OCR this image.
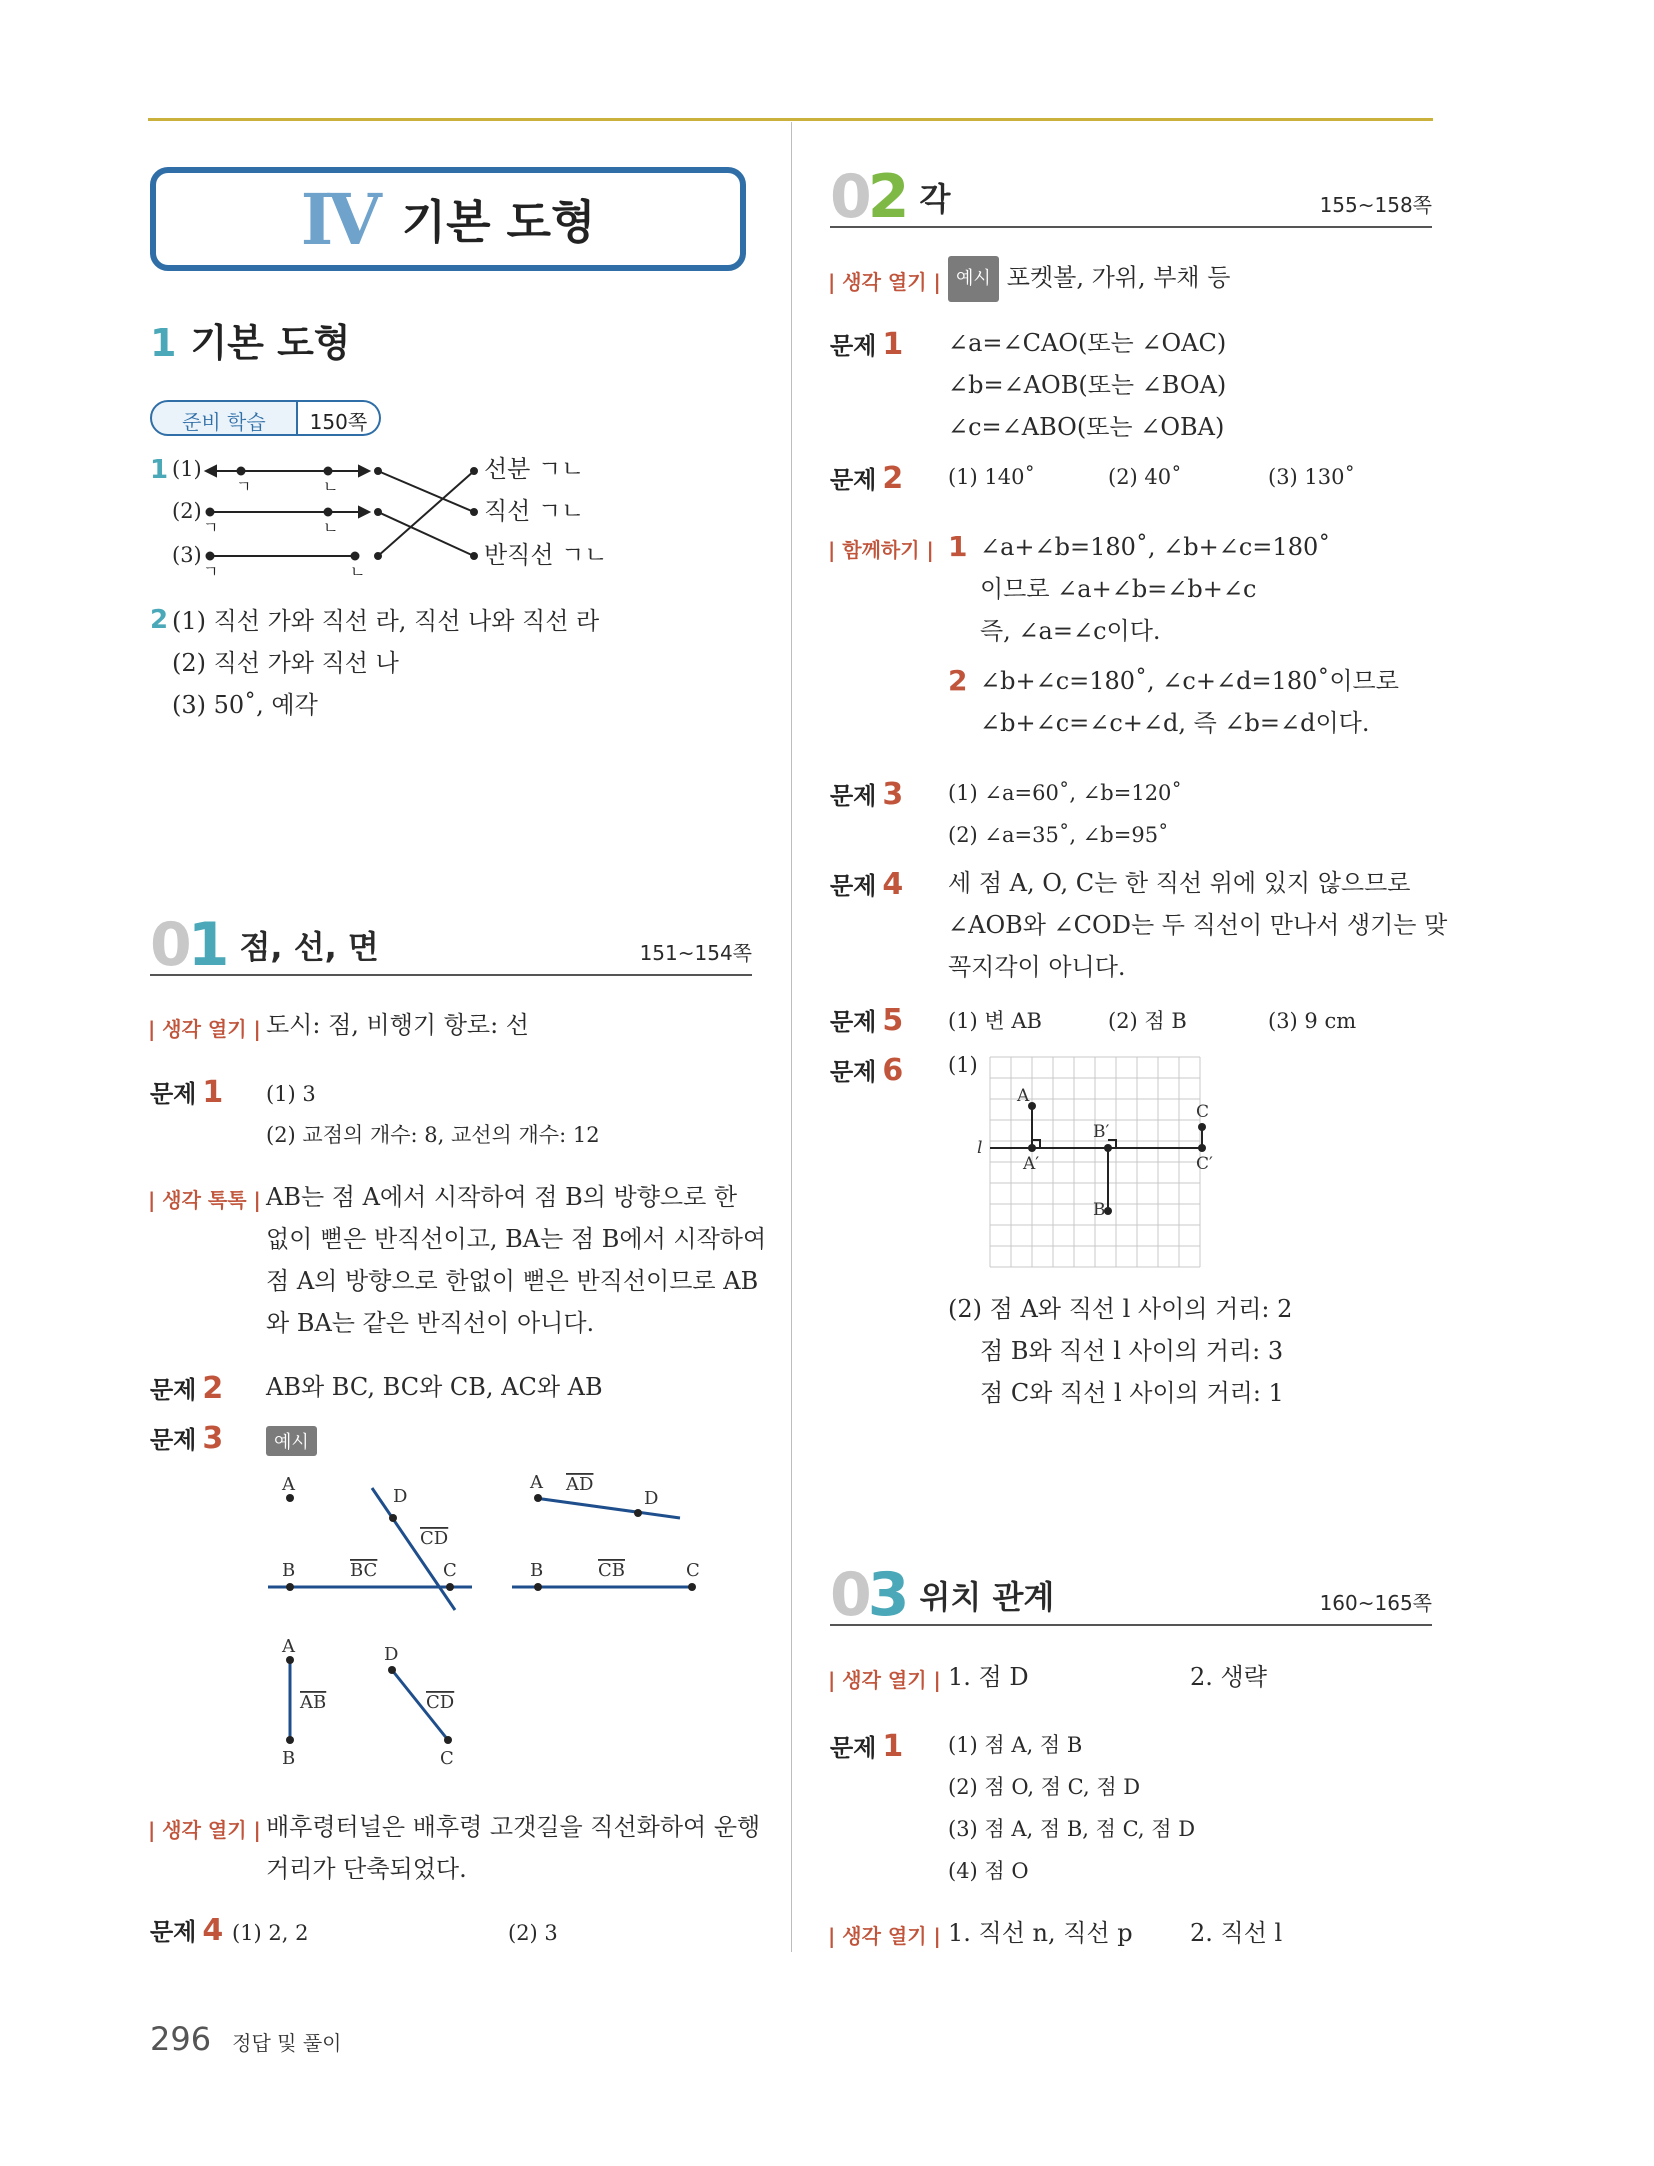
IV 기본 도형
1 기본 도형
준비 학습	150쪽
1 (1)
(2)
(3)
ㄱ	ㄴ
ㄱ	ㄴ
ㄱ	ㄴ
선분 ㄱㄴ
직선 ㄱㄴ
반직선 ㄱㄴ
2 (1) 직선 가와 직선 라, 직선 나와 직선 라
(2) 직선 가와 직선 나
(3) 50˚, 예각
01 점, 선, 면	151~154쪽
| 생각 열기 | 도시: 점, 비행기 항로: 선
문제 1 (1) 3
(2) 교점의 개수: 8, 교선의 개수: 12
| 생각 톡톡 | AB는 점 A에서 시작하여 점 B의 방향으로 한
없이 뻗은 반직선이고, BA는 점 B에서 시작하여
점 A의 방향으로 한없이 뻗은 반직선이므로 AB
와 BA는 같은 반직선이 아니다.
문제 2 AB와 BC, BC와 CB, AC와 AB
문제 3	예시
A
B	BC	C
D
CD
A AD
D
B	CB	C
A
AB
B
D
CD
C
| 생각 열기 | 배후령터널은 배후령 고갯길을 직선화하여 운행
거리가 단축되었다.
문제 4 (1) 2, 2	(2) 3
02 각	155~158쪽
| 생각 열기 | 예시 포켓볼, 가위, 부채 등
문제 1 ∠a=∠CAO(또는 ∠OAC)
∠b=∠AOB(또는 ∠BOA)
∠c=∠ABO(또는 ∠OBA)
문제 2 (1) 140˚	(2) 40˚	(3) 130˚
| 함께하기 | 1 ∠a+∠b=180˚, ∠b+∠c=180˚
이므로 ∠a+∠b=∠b+∠c
즉, ∠a=∠c이다.
2 ∠b+∠c=180˚, ∠c+∠d=180˚이므로
∠b+∠c=∠c+∠d, 즉 ∠b=∠d이다.
문제 3 (1) ∠a=60˚, ∠b=120˚
(2) ∠a=35˚, ∠b=95˚
문제 4 세 점 A, O, C는 한 직선 위에 있지 않으므로
∠AOB와 ∠COD는 두 직선이 만나서 생기는 맞
꼭지각이 아니다.
문제 5 (1) 변 AB	(2) 점 B	(3) 9 cm
문제 6 (1)
A
A′
B′
B
C
C′
l
(2) 점 A와 직선 l 사이의 거리: 2
점 B와 직선 l 사이의 거리: 3
점 C와 직선 l 사이의 거리: 1
03 위치 관계	160~165쪽
| 생각 열기 | 1. 점 D	2. 생략
문제 1 (1) 점 A, 점 B
(2) 점 O, 점 C, 점 D
(3) 점 A, 점 B, 점 C, 점 D
(4) 점 O
| 생각 열기 | 1. 직선 n, 직선 p 2. 직선 l
296 정답 및 풀이
